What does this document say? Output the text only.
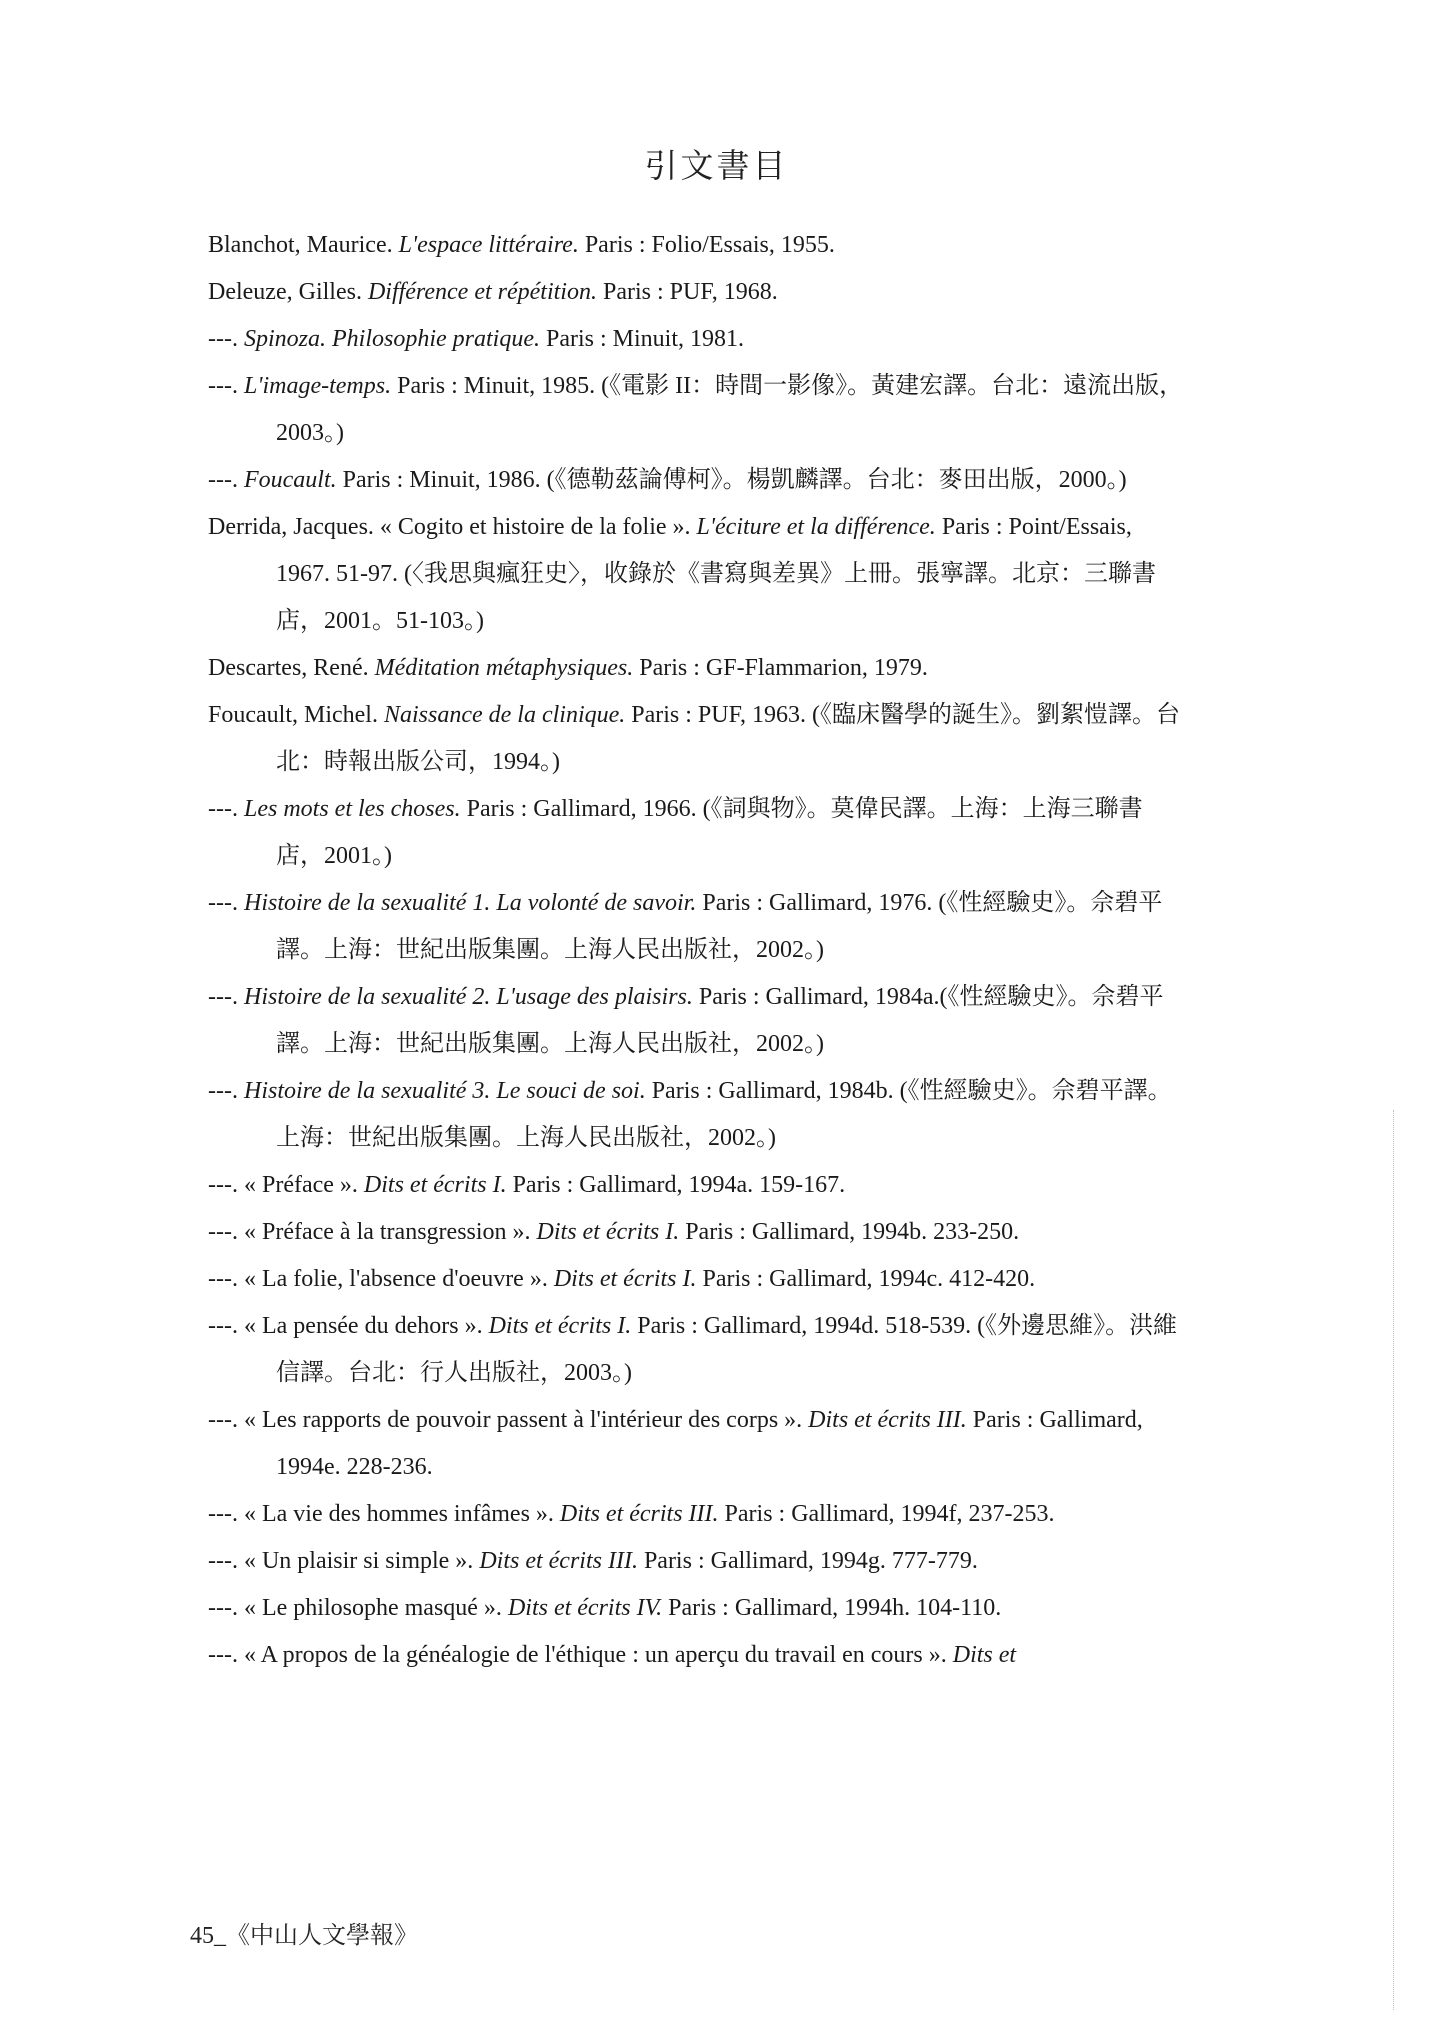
引文書目
Blanchot, Maurice. L'espace littéraire. Paris : Folio/Essais, 1955.
Deleuze, Gilles. Différence et répétition. Paris : PUF, 1968.
---. Spinoza. Philosophie pratique. Paris : Minuit, 1981.
---. L'image-temps. Paris : Minuit, 1985. (《電影 II：時間一影像》。黃建宏譯。台北：遠流出版，2003。)
---. Foucault. Paris : Minuit, 1986. (《德勒茲論傅柯》。楊凱麟譯。台北：麥田出版，2000。)
Derrida, Jacques. « Cogito et histoire de la folie ». L'éciture et la différence. Paris : Point/Essais, 1967. 51-97. (〈我思與瘋狂史〉，收錄於《書寫與差異》上冊。張寧譯。北京：三聯書店，2001。51-103。)
Descartes, René. Méditation métaphysiques. Paris : GF-Flammarion, 1979.
Foucault, Michel. Naissance de la clinique. Paris : PUF, 1963. (《臨床醫學的誕生》。劉絮愷譯。台北：時報出版公司，1994。)
---. Les mots et les choses. Paris : Gallimard, 1966. (《詞與物》。莫偉民譯。上海：上海三聯書店，2001。)
---. Histoire de la sexualité 1. La volonté de savoir. Paris : Gallimard, 1976. (《性經驗史》。佘碧平譯。上海：世紀出版集團。上海人民出版社，2002。)
---. Histoire de la sexualité 2. L'usage des plaisirs. Paris : Gallimard, 1984a.(《性經驗史》。佘碧平譯。上海：世紀出版集團。上海人民出版社，2002。)
---. Histoire de la sexualité 3. Le souci de soi. Paris : Gallimard, 1984b. (《性經驗史》。佘碧平譯。上海：世紀出版集團。上海人民出版社，2002。)
---. « Préface ». Dits et écrits I. Paris : Gallimard, 1994a. 159-167.
---. « Préface à la transgression ». Dits et écrits I. Paris : Gallimard, 1994b. 233-250.
---. « La folie, l'absence d'oeuvre ». Dits et écrits I. Paris : Gallimard, 1994c. 412-420.
---. « La pensée du dehors ». Dits et écrits I. Paris : Gallimard, 1994d. 518-539. (《外邊思維》。洪維信譯。台北：行人出版社，2003。)
---. « Les rapports de pouvoir passent à l'intérieur des corps ». Dits et écrits III. Paris : Gallimard, 1994e. 228-236.
---. « La vie des hommes infâmes ». Dits et écrits III. Paris : Gallimard, 1994f, 237-253.
---. « Un plaisir si simple ». Dits et écrits III. Paris : Gallimard, 1994g. 777-779.
---. « Le philosophe masqué ». Dits et écrits IV. Paris : Gallimard, 1994h. 104-110.
---. « A propos de la généalogie de l'éthique : un aperçu du travail en cours ». Dits et
45_《中山人文學報》
